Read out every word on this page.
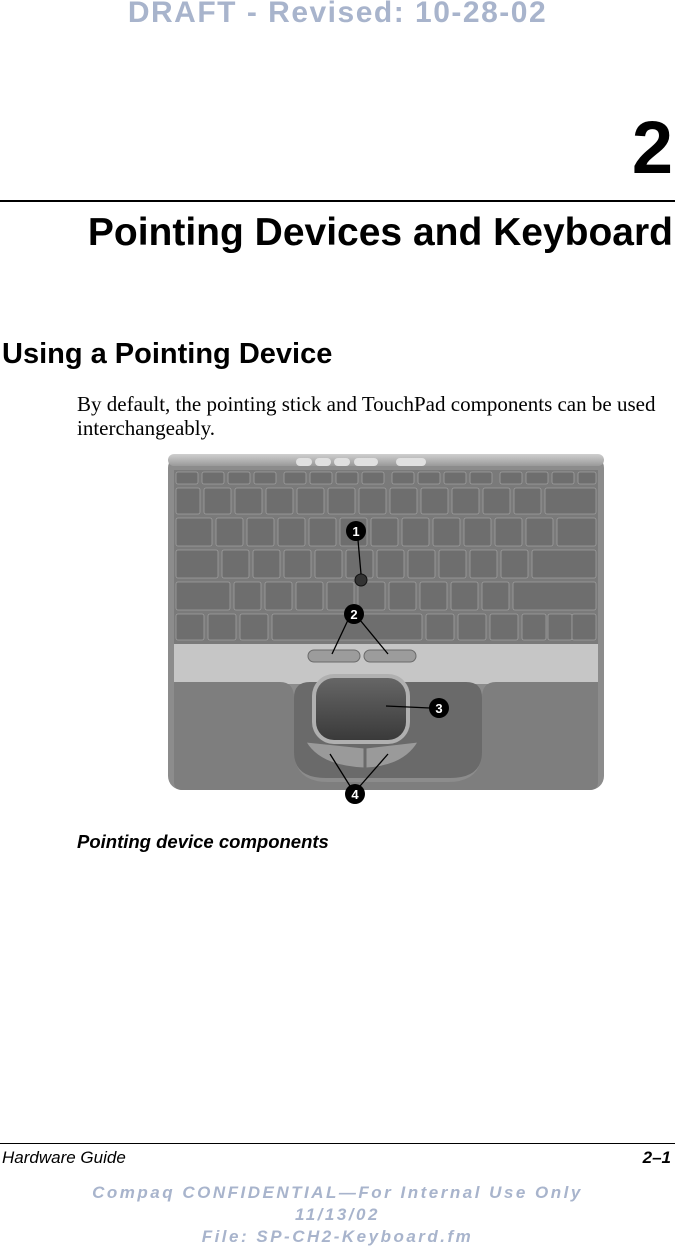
DRAFT - Revised: 10-28-02
2
Pointing Devices and Keyboard
Using a Pointing Device
By default, the pointing stick and TouchPad components can be used interchangeably.
1
2
3
4
Pointing device components
Hardware Guide	2–1
Compaq CONFIDENTIAL—For Internal Use Only
11/13/02
File: SP-CH2-Keyboard.fm
